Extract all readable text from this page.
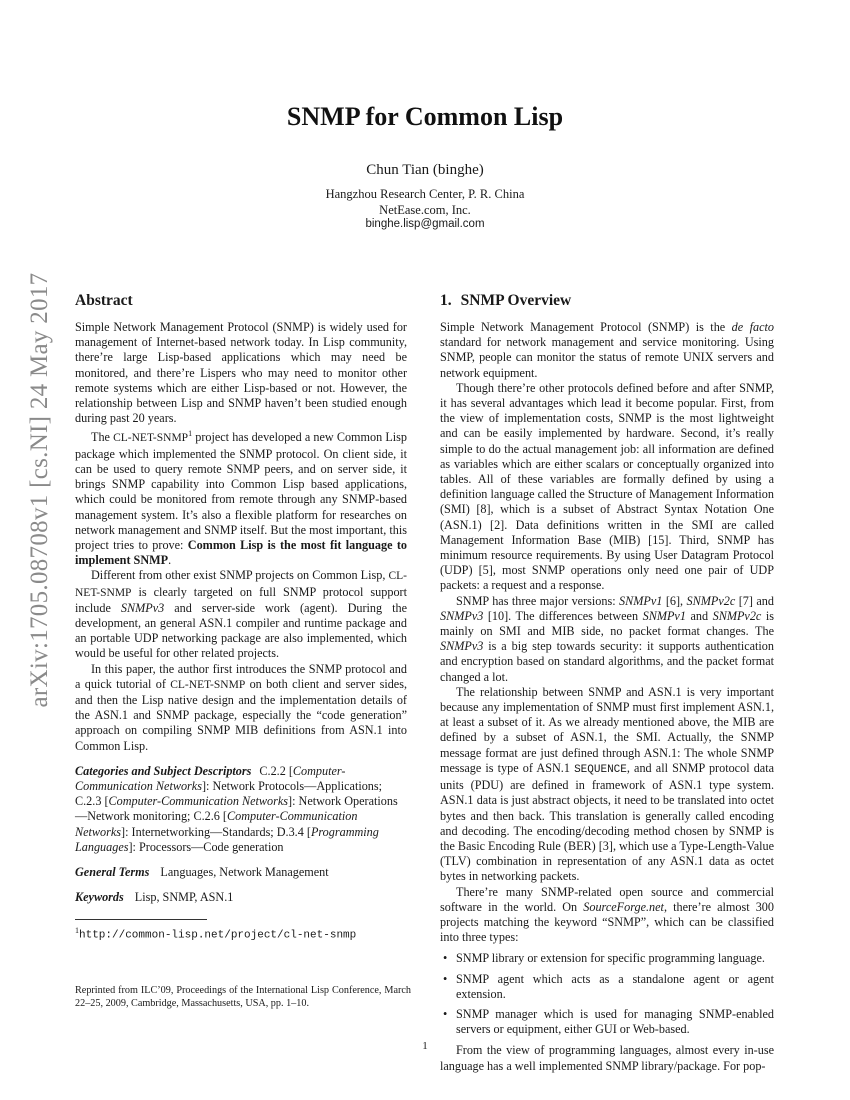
arXiv:1705.08708v1 [cs.NI] 24 May 2017
SNMP for Common Lisp
Chun Tian (binghe)
Hangzhou Research Center, P. R. China
NetEase.com, Inc.
binghe.lisp@gmail.com
Abstract

Simple Network Management Protocol (SNMP) is widely used for management of Internet-based network today. In Lisp community, there’re large Lisp-based applications which may need be monitored, and there’re Lispers who may need to monitor other remote systems which are either Lisp-based or not. However, the relationship between Lisp and SNMP haven’t been studied enough during past 20 years.

The CL-NET-SNMP$^1$ project has developed a new Common Lisp package which implemented the SNMP protocol. On client side, it can be used to query remote SNMP peers, and on server side, it brings SNMP capability into Common Lisp based applications, which could be monitored from remote through any SNMP-based management system. It’s also a flexible platform for researches on network management and SNMP itself. But the most important, this project tries to prove: Common Lisp is the most fit language to implement SNMP.

Different from other exist SNMP projects on Common Lisp, CL-NET-SNMP is clearly targeted on full SNMP protocol support include SNMPv3 and server-side work (agent). During the development, an general ASN.1 compiler and runtime package and an portable UDP networking package are also implemented, which would be useful for other related projects.

In this paper, the author first introduces the SNMP protocol and a quick tutorial of CL-NET-SNMP on both client and server sides, and then the Lisp native design and the implementation details of the ASN.1 and SNMP package, especially the “code generation” approach on compiling SNMP MIB definitions from ASN.1 into Common Lisp.

Categories and Subject Descriptors C.2.2 [Computer-Communication Networks]: Network Protocols—Applications; C.2.3 [Computer-Communication Networks]: Network Operations—Network monitoring; C.2.6 [Computer-Communication Networks]: Internetworking—Standards; D.3.4 [Programming Languages]: Processors—Code generation

General Terms Languages, Network Management

Keywords Lisp, SNMP, ASN.1

$^1$http://common-lisp.net/project/cl-net-snmp
Reprinted from ILC’09, Proceedings of the International Lisp Conference, March 22–25, 2009, Cambridge, Massachusetts, USA, pp. 1–10.
1. SNMP Overview

Simple Network Management Protocol (SNMP) is the de facto standard for network management and service monitoring. Using SNMP, people can monitor the status of remote UNIX servers and network equipment.

Though there’re other protocols defined before and after SNMP, it has several advantages which lead it become popular. First, from the view of implementation costs, SNMP is the most lightweight and can be easily implemented by hardware. Second, it’s really simple to do the actual management job: all information are defined as variables which are either scalars or conceptually organized into tables. All of these variables are formally defined by using a definition language called the Structure of Management Information (SMI) [8], which is a subset of Abstract Syntax Notation One (ASN.1) [2]. Data definitions written in the SMI are called Management Information Base (MIB) [15]. Third, SNMP has minimum resource requirements. By using User Datagram Protocol (UDP) [5], most SNMP operations only need one pair of UDP packets: a request and a response.

SNMP has three major versions: SNMPv1 [6], SNMPv2c [7] and SNMPv3 [10]. The differences between SNMPv1 and SNMPv2c is mainly on SMI and MIB side, no packet format changes. The SNMPv3 is a big step towards security: it supports authentication and encryption based on standard algorithms, and the packet format changed a lot.

The relationship between SNMP and ASN.1 is very important because any implementation of SNMP must first implement ASN.1, at least a subset of it. As we already mentioned above, the MIB are defined by a subset of ASN.1, the SMI. Actually, the SNMP message format are just defined through ASN.1: The whole SNMP message is type of ASN.1 SEQUENCE, and all SNMP protocol data units (PDU) are defined in framework of ASN.1 type system. ASN.1 data is just abstract objects, it need to be translated into octet bytes and then back. This translation is generally called encoding and decoding. The encoding/decoding method chosen by SNMP is the Basic Encoding Rule (BER) [3], which use a Type-Length-Value (TLV) combination in representation of any ASN.1 data as octet bytes in networking packets.

There’re many SNMP-related open source and commercial software in the world. On SourceForge.net, there’re almost 300 projects matching the keyword “SNMP”, which can be classified into three types:

• SNMP library or extension for specific programming language.
• SNMP agent which acts as a standalone agent or agent extension.
• SNMP manager which is used for managing SNMP-enabled servers or equipment, either GUI or Web-based.

From the view of programming languages, almost every in-use language has a well implemented SNMP library/package. For pop-

1
